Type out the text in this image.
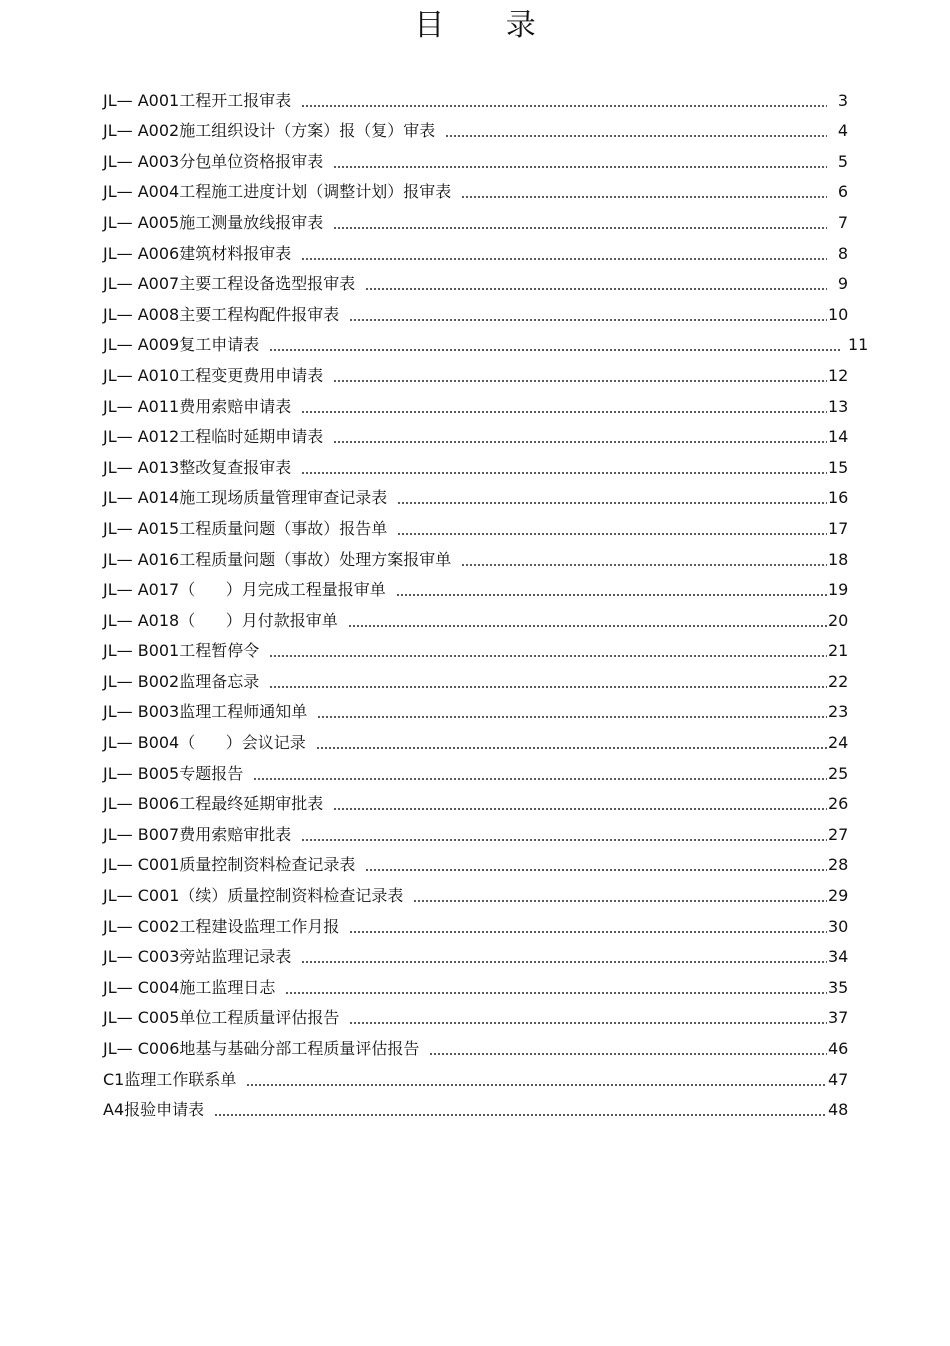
目 录
JL— A001工程开工报审表	3
JL— A002施工组织设计（方案）报（复）审表	4
JL— A003分包单位资格报审表	5
JL— A004工程施工进度计划（调整计划）报审表	6
JL— A005施工测量放线报审表	7
JL— A006建筑材料报审表	8
JL— A007主要工程设备选型报审表	9
JL— A008主要工程构配件报审表	10
JL— A009复工申请表	11
JL— A010工程变更费用申请表	12
JL— A011费用索赔申请表	13
JL— A012工程临时延期申请表	14
JL— A013整改复查报审表	15
JL— A014施工现场质量管理审查记录表	16
JL— A015工程质量问题（事故）报告单	17
JL— A016工程质量问题（事故）处理方案报审单	18
JL— A017（      ）月完成工程量报审单	19
JL— A018（      ）月付款报审单	20
JL— B001工程暂停令	21
JL— B002监理备忘录	22
JL— B003监理工程师通知单	23
JL— B004（      ）会议记录	24
JL— B005专题报告	25
JL— B006工程最终延期审批表	26
JL— B007费用索赔审批表	27
JL— C001质量控制资料检查记录表	28
JL— C001（续）质量控制资料检查记录表	29
JL— C002工程建设监理工作月报	30
JL— C003旁站监理记录表	34
JL— C004施工监理日志	35
JL— C005单位工程质量评估报告	37
JL— C006地基与基础分部工程质量评估报告	46
C1监理工作联系单	47
A4报验申请表	48
